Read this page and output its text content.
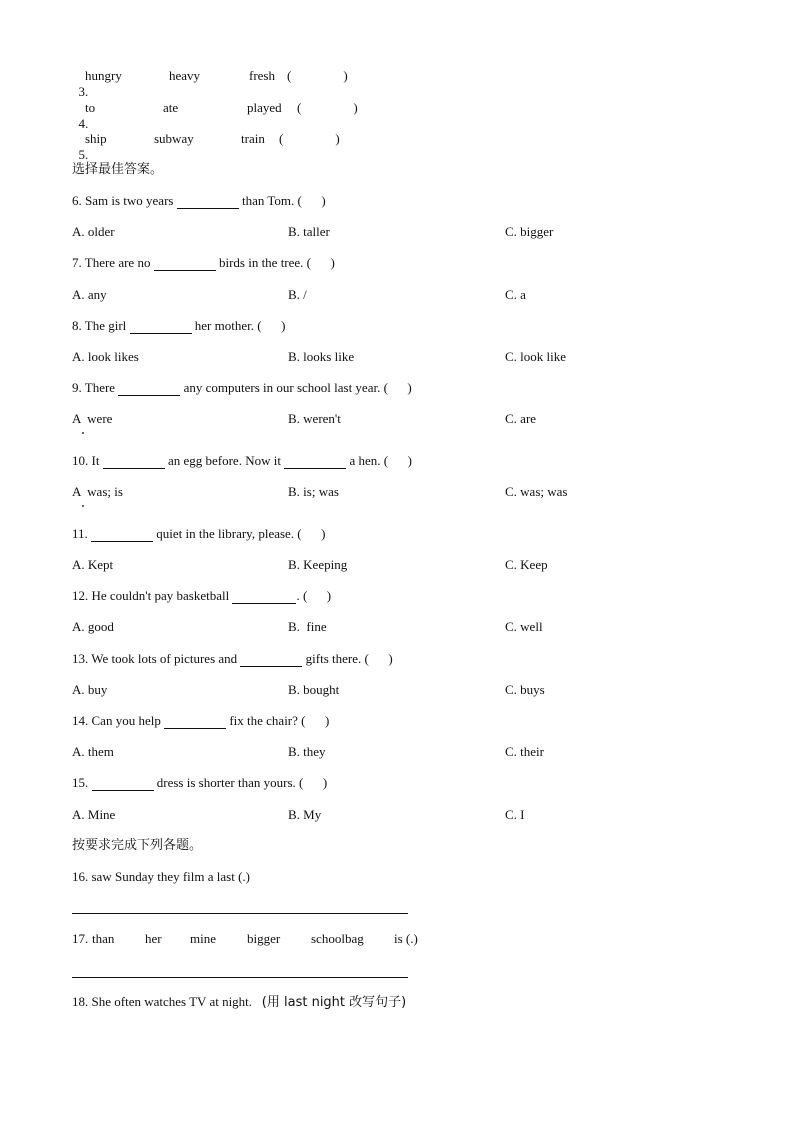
3.

hungry	heavy	fresh (                )

4.

to	ate	played (                )

5.

ship	subway	train (                )
选择最佳答案。
6. Sam is two years	than Tom. (      )
A. older	B. taller	C. bigger
7. There are no	birds in the tree. (      )
A. any	B. /	C. a
8. The girl	her mother. (      )
A. look likes	B. looks like	C. look like
9. There	any computers in our school last year. (      )
A  were	B. weren't	C. are
10. It	an egg before. Now it	a hen. (      )
A  was; is	B. is; was	C. was; was
11.	quiet in the library, please. (      )
A. Kept	B. Keeping	C. Keep
12. He couldn't pay basketball	. (      )
A. good	B.  fine	C. well
13. We took lots of pictures and	gifts there. (      )
A. buy	B. bought	C. buys
14. Can you help	fix the chair? (      )
A. them	B. they	C. their
15.	dress is shorter than yours. (      )
A. Mine	B. My	C. I
按要求完成下列各题。
16. saw Sunday they film a last (.)
17. than her mine bigger schoolbag is (.)
18. She often watches TV at night.   (用 last night 改写句子)
